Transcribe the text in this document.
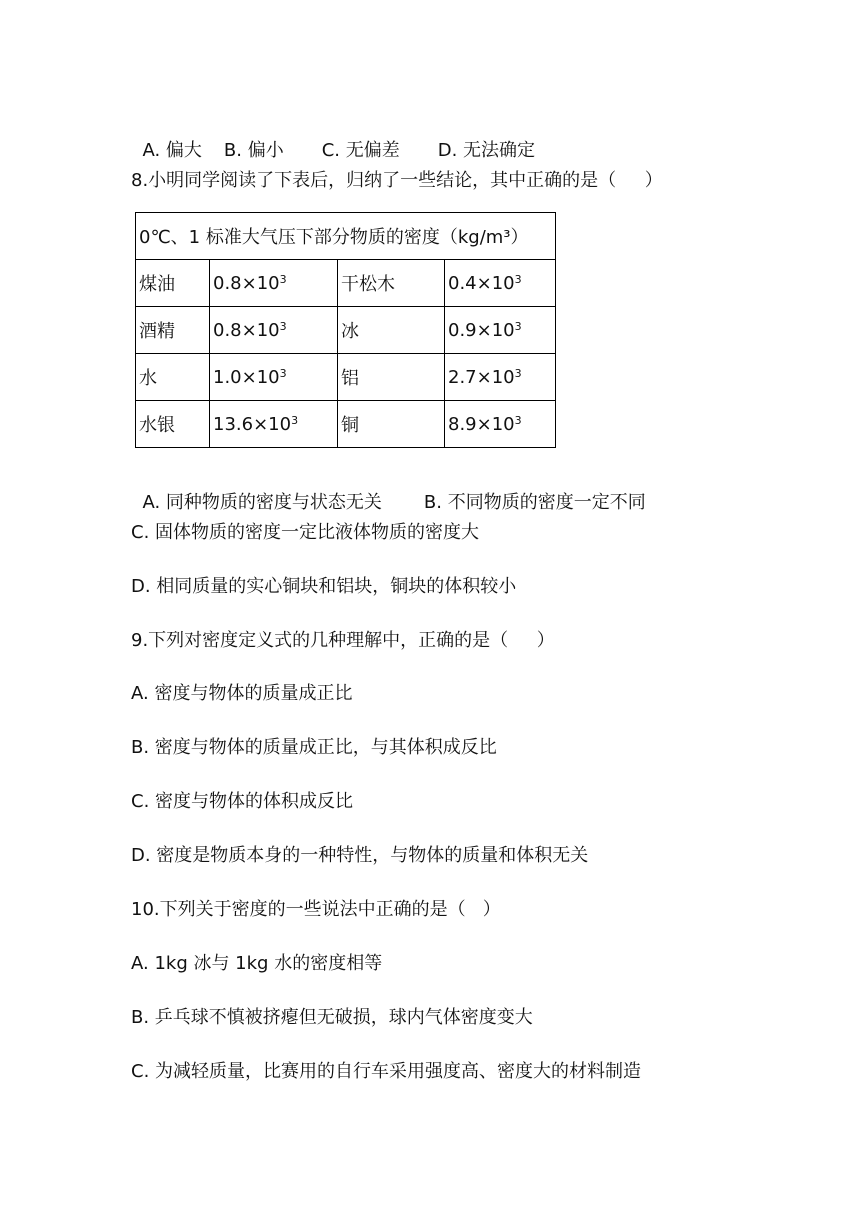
A. 偏大 B. 偏小 C. 无偏差 D. 无法确定

8.小明同学阅读了下表后，归纳了一些结论，其中正确的是（     ）
0℃、1 标准大气压下部分物质的密度（kg/m³）			
煤油	$0.8\times 10^3$	干松木	$0.4\times 10^3$
酒精	$0.8\times 10^3$	冰	$0.9\times 10^3$
水	$1.0\times 10^3$	铝	$2.7\times 10^3$
水银	$13.6\times 10^3$	铜	$8.9\times 10^3$

A. 同种物质的密度与状态无关 B. 不同物质的密度一定不同

C. 固体物质的密度一定比液体物质的密度大
D. 相同质量的实心铜块和铝块，铜块的体积较小
9.下列对密度定义式的几种理解中，正确的是（     ）
A. 密度与物体的质量成正比
B. 密度与物体的质量成正比，与其体积成反比
C. 密度与物体的体积成反比
D. 密度是物质本身的一种特性，与物体的质量和体积无关
10.下列关于密度的一些说法中正确的是（   ）
A. 1kg 冰与 1kg 水的密度相等
B. 乒乓球不慎被挤瘪但无破损，球内气体密度变大
C. 为减轻质量，比赛用的自行车采用强度高、密度大的材料制造
